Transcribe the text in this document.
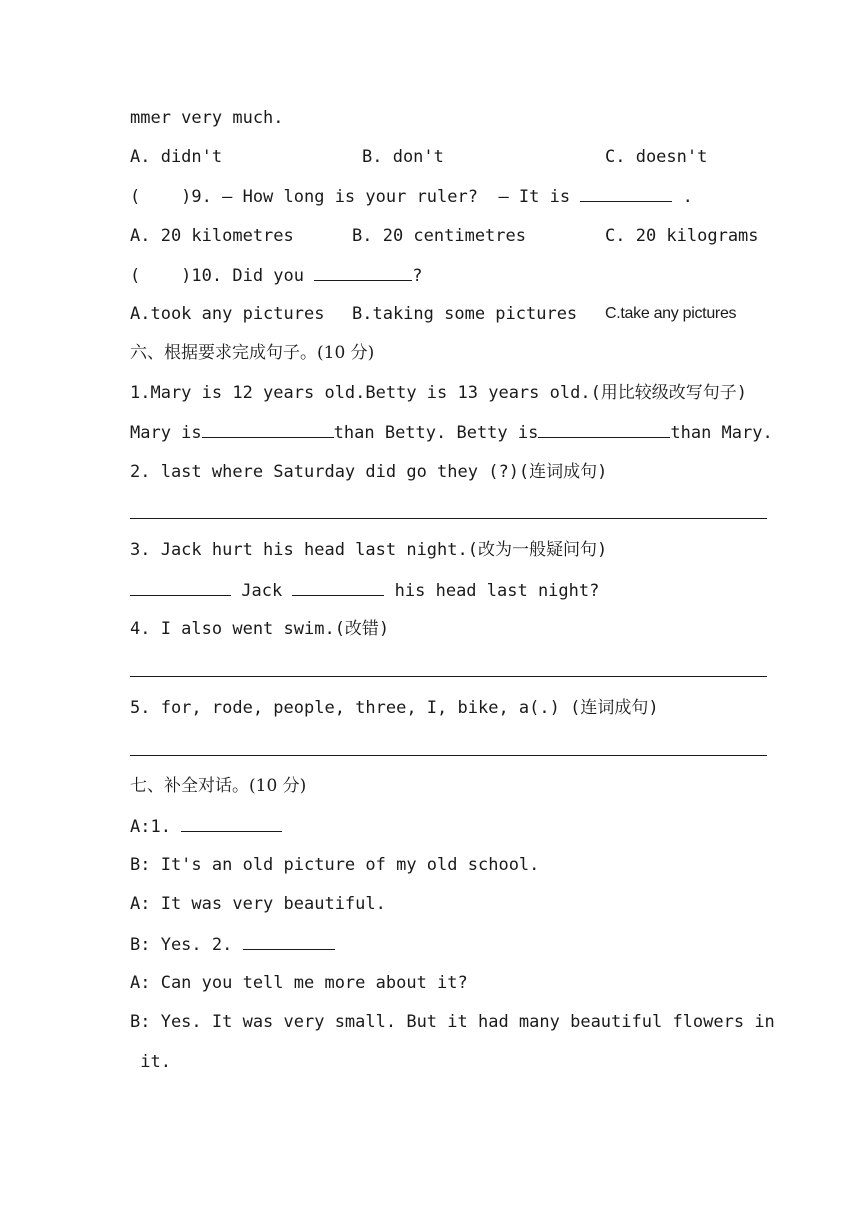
mmer very much.
A. didn't	B. don't	C. doesn't
(    )9. — How long is your ruler?  — It is	.
A. 20 kilometres	B. 20 centimetres	C. 20 kilograms
(    )10. Did you	?
A.took any pictures B.taking some pictures C.take any pictures
六、根据要求完成句子。(10 分)
1.Mary is 12 years old.Betty is 13 years old.(用比较级改写句子)
Mary is	than Betty. Betty is	than Mary.
2. last where Saturday did go they (?)(连词成句)
3. Jack hurt his head last night.(改为一般疑问句)
Jack	his head last night?
4. I also went swim.(改错)
5. for, rode, people, three, I, bike, a(.) (连词成句)
七、补全对话。(10 分)
A:1.
B: It's an old picture of my old school.
A: It was very beautiful.
B: Yes. 2.
A: Can you tell me more about it?
B: Yes. It was very small. But it had many beautiful flowers in
it.
